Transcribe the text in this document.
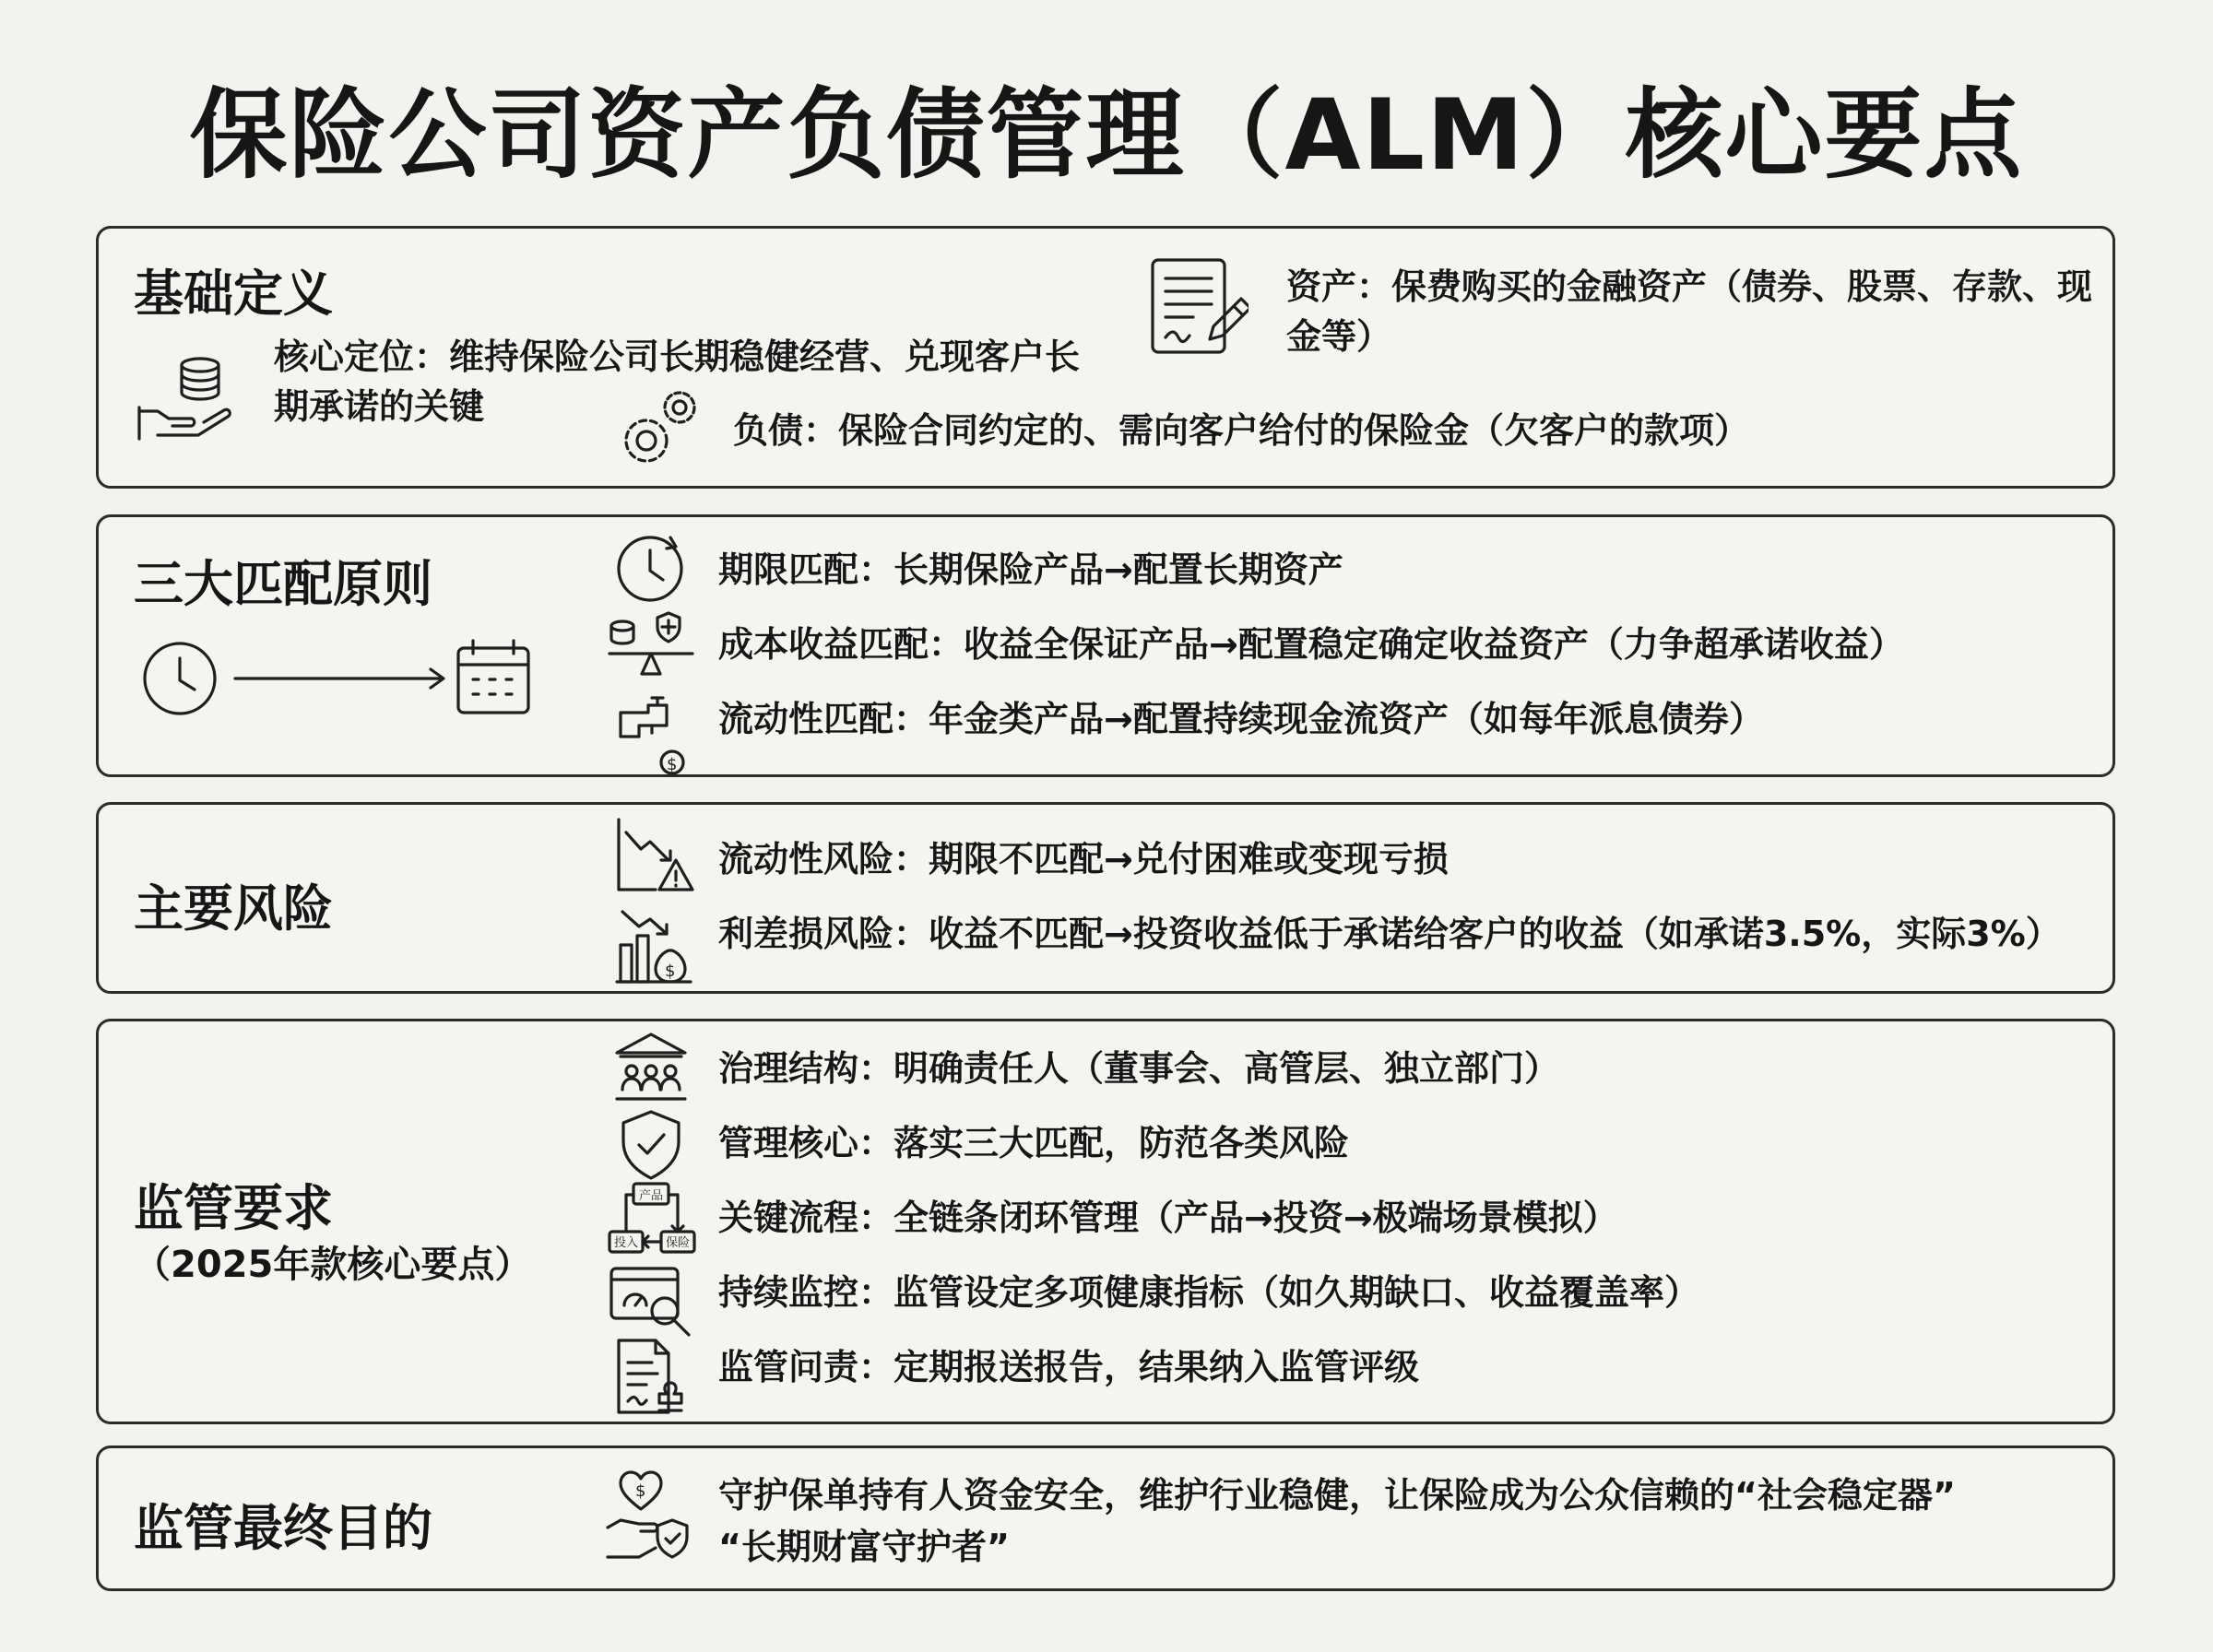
保险公司资产负债管理（ALM）核心要点
基础定义
核心定位：维持保险公司长期稳健经营、兑现客户长期承诺的关键
资产：保费购买的金融资产（债券、股票、存款、现金等）
负债：保险合同约定的、需向客户给付的保险金（欠客户的款项）
三大匹配原则	期限匹配：长期保险产品→配置长期资产
成本收益匹配：收益全保证产品→配置稳定确定收益资产（力争超承诺收益）
$
流动性匹配：年金类产品→配置持续现金流资产（如每年派息债券）
主要风险
流动性风险：期限不匹配→兑付困难或变现亏损
$
利差损风险：收益不匹配→投资收益低于承诺给客户的收益（如承诺3.5%，实际3%）
监管要求
（2025年款核心要点）
治理结构：明确责任人（董事会、高管层、独立部门）
管理核心：落实三大匹配，防范各类风险
产品
投入 保险
关键流程：全链条闭环管理（产品→投资→极端场景模拟）
持续监控：监管设定多项健康指标（如久期缺口、收益覆盖率）
监管问责：定期报送报告，结果纳入监管评级
监管最终目的
$ 守护保单持有人资金安全，维护行业稳健，让保险成为公众信赖的“社会稳定器”
“长期财富守护者”
